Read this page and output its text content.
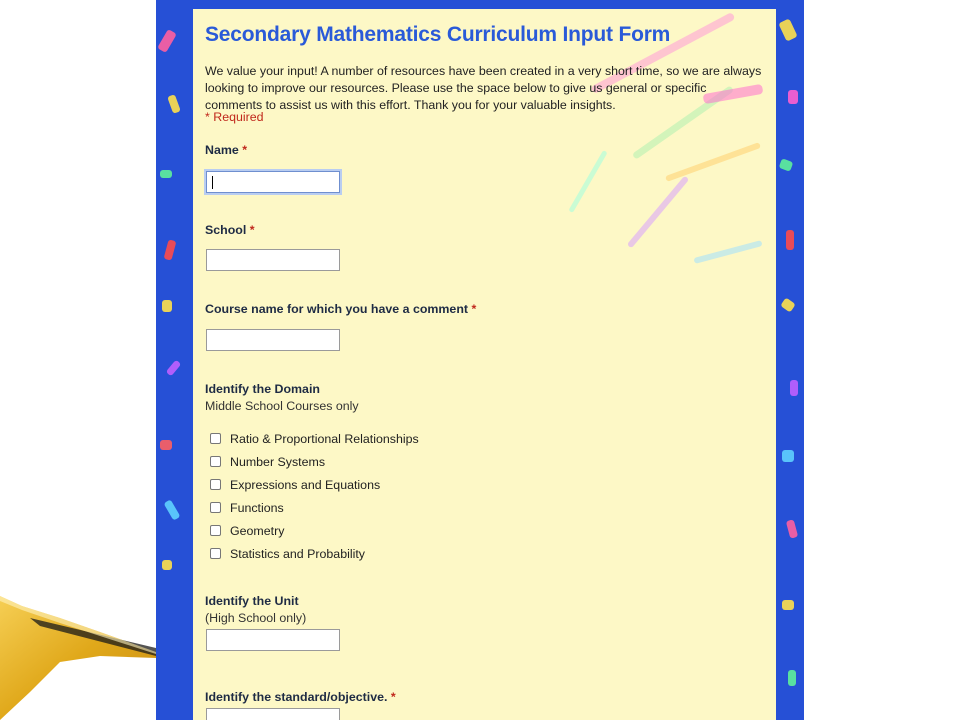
Secondary Mathematics Curriculum Input Form

We value your input! A number of resources have been created in a very short time, so we are always looking to improve our resources. Please use the space below to give us general or specific comments to assist us with this effort. Thank you for your valuable insights.

* Required

Name *

School *

Course name for which you have a comment *

Identify the Domain

Middle School Courses only

Ratio & Proportional Relationships
Number Systems
Expressions and Equations
Functions
Geometry
Statistics and Probability

Identify the Unit

(High School only)

Identify the standard/objective. *
